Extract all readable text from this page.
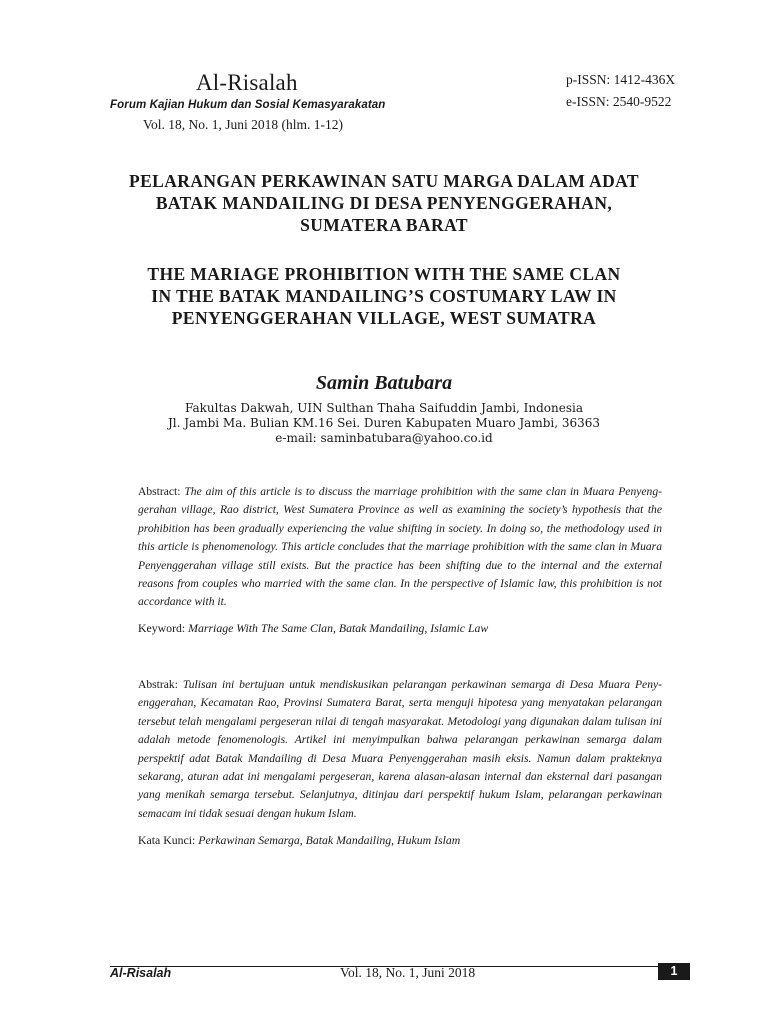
Al-Risalah
Forum Kajian Hukum dan Sosial Kemasyarakatan
Vol. 18, No. 1, Juni 2018 (hlm. 1-12)
p-ISSN: 1412-436X
e-ISSN: 2540-9522
PELARANGAN PERKAWINAN SATU MARGA DALAM ADAT
BATAK MANDAILING DI DESA PENYENGGERAHAN,
SUMATERA BARAT
THE MARIAGE PROHIBITION WITH THE SAME CLAN
IN THE BATAK MANDAILING’S COSTUMARY LAW IN
PENYENGGERAHAN VILLAGE, WEST SUMATRA
Samin Batubara
Fakultas Dakwah, UIN Sulthan Thaha Saifuddin Jambi, Indonesia
Jl. Jambi Ma. Bulian KM.16 Sei. Duren Kabupaten Muaro Jambi, 36363
e-mail: saminbatubara@yahoo.co.id
Abstract: The aim of this article is to discuss the marriage prohibition with the same clan in Muara Penyeng-gerahan village, Rao district, West Sumatera Province as well as examining the society’s hypothesis that the prohibition has been gradually experiencing the value shifting in society. In doing so, the methodology used in this article is phenomenology. This article concludes that the marriage prohibition with the same clan in Muara Penyenggerahan village still exists. But the practice has been shifting due to the internal and the external reasons from couples who married with the same clan. In the perspective of Islamic law, this prohibition is not accordance with it.
Keyword: Marriage With The Same Clan, Batak Mandailing, Islamic Law
Abstrak: Tulisan ini bertujuan untuk mendiskusikan pelarangan perkawinan semarga di Desa Muara Peny-enggerahan, Kecamatan Rao, Provinsi Sumatera Barat, serta menguji hipotesa yang menyatakan pelarangan tersebut telah mengalami pergeseran nilai di tengah masyarakat. Metodologi yang digunakan dalam tulisan ini adalah metode fenomenologis. Artikel ini menyimpulkan bahwa pelarangan perkawinan semarga dalam perspektif adat Batak Mandailing di Desa Muara Penyenggerahan masih eksis. Namun dalam prakteknya sekarang, aturan adat ini mengalami pergeseran, karena alasan-alasan internal dan eksternal dari pasangan yang menikah semarga tersebut. Selanjutnya, ditinjau dari perspektif hukum Islam, pelarangan perkawinan semacam ini tidak sesuai dengan hukum Islam.
Kata Kunci: Perkawinan Semarga, Batak Mandailing, Hukum Islam
Al-Risalah	Vol. 18, No. 1, Juni 2018	1
